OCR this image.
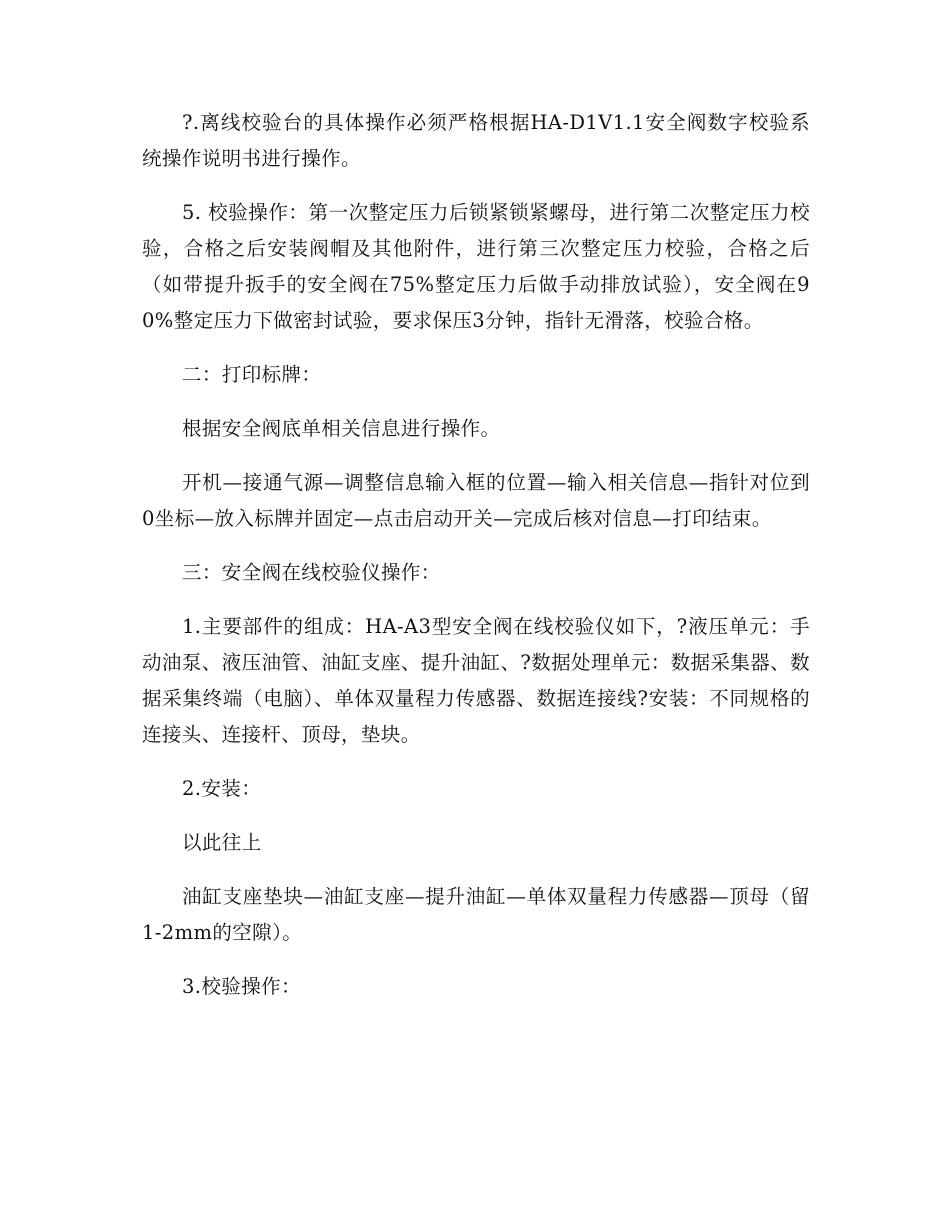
?.离线校验台的具体操作必须严格根据HA-D1V1.1安全阀数字校验系统操作说明书进行操作。

5. 校验操作：第一次整定压力后锁紧锁紧螺母，进行第二次整定压力校验，合格之后安装阀帽及其他附件，进行第三次整定压力校验，合格之后（如带提升扳手的安全阀在75%整定压力后做手动排放试验），安全阀在90%整定压力下做密封试验，要求保压3分钟，指针无滑落，校验合格。

二：打印标牌：

根据安全阀底单相关信息进行操作。

开机—接通气源—调整信息输入框的位置—输入相关信息—指针对位到0坐标—放入标牌并固定—点击启动开关—完成后核对信息—打印结束。

三：安全阀在线校验仪操作：

1.主要部件的组成：HA-A3型安全阀在线校验仪如下，?液压单元：手动油泵、液压油管、油缸支座、提升油缸、?数据处理单元：数据采集器、数据采集终端（电脑）、单体双量程力传感器、数据连接线?安装：不同规格的连接头、连接杆、顶母，垫块。

2.安装：

以此往上

油缸支座垫块—油缸支座—提升油缸—单体双量程力传感器—顶母（留1-2mm的空隙）。

3.校验操作：
